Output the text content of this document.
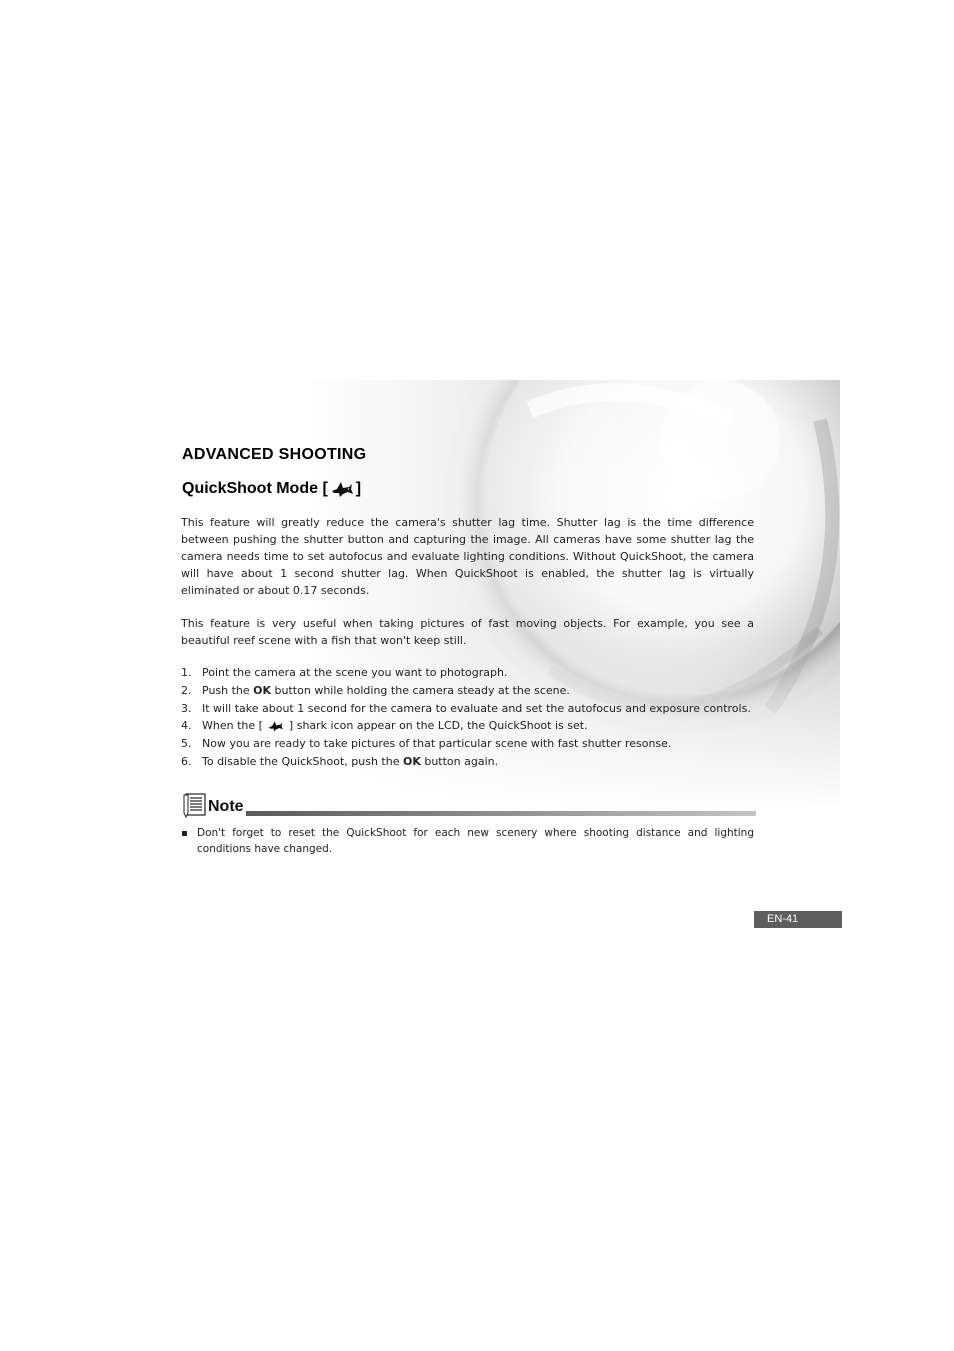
ADVANCED SHOOTING
QuickShoot Mode [ ]

This feature will greatly reduce the camera's shutter lag time. Shutter lag is the time difference between pushing the shutter button and capturing the image. All cameras have some shutter lag the camera needs time to set autofocus and evaluate lighting conditions. Without QuickShoot, the camera will have about 1 second shutter lag. When QuickShoot is enabled, the shutter lag is virtually eliminated or about 0.17 seconds.

This feature is very useful when taking pictures of fast moving objects. For example, you see a beautiful reef scene with a fish that won't keep still.

1. Point the camera at the scene you want to photograph.
2. Push the OK button while holding the camera steady at the scene.
3. It will take about 1 second for the camera to evaluate and set the autofocus and exposure controls.
4. When the [
] shark icon appear on the LCD, the QuickShoot is set.
5. Now you are ready to take pictures of that particular scene with fast shutter resonse.
6. To disable the QuickShoot, push the OK button again.
Note
Don't forget to reset the QuickShoot for each new scenery where shooting distance and lighting conditions have changed.
EN-41
